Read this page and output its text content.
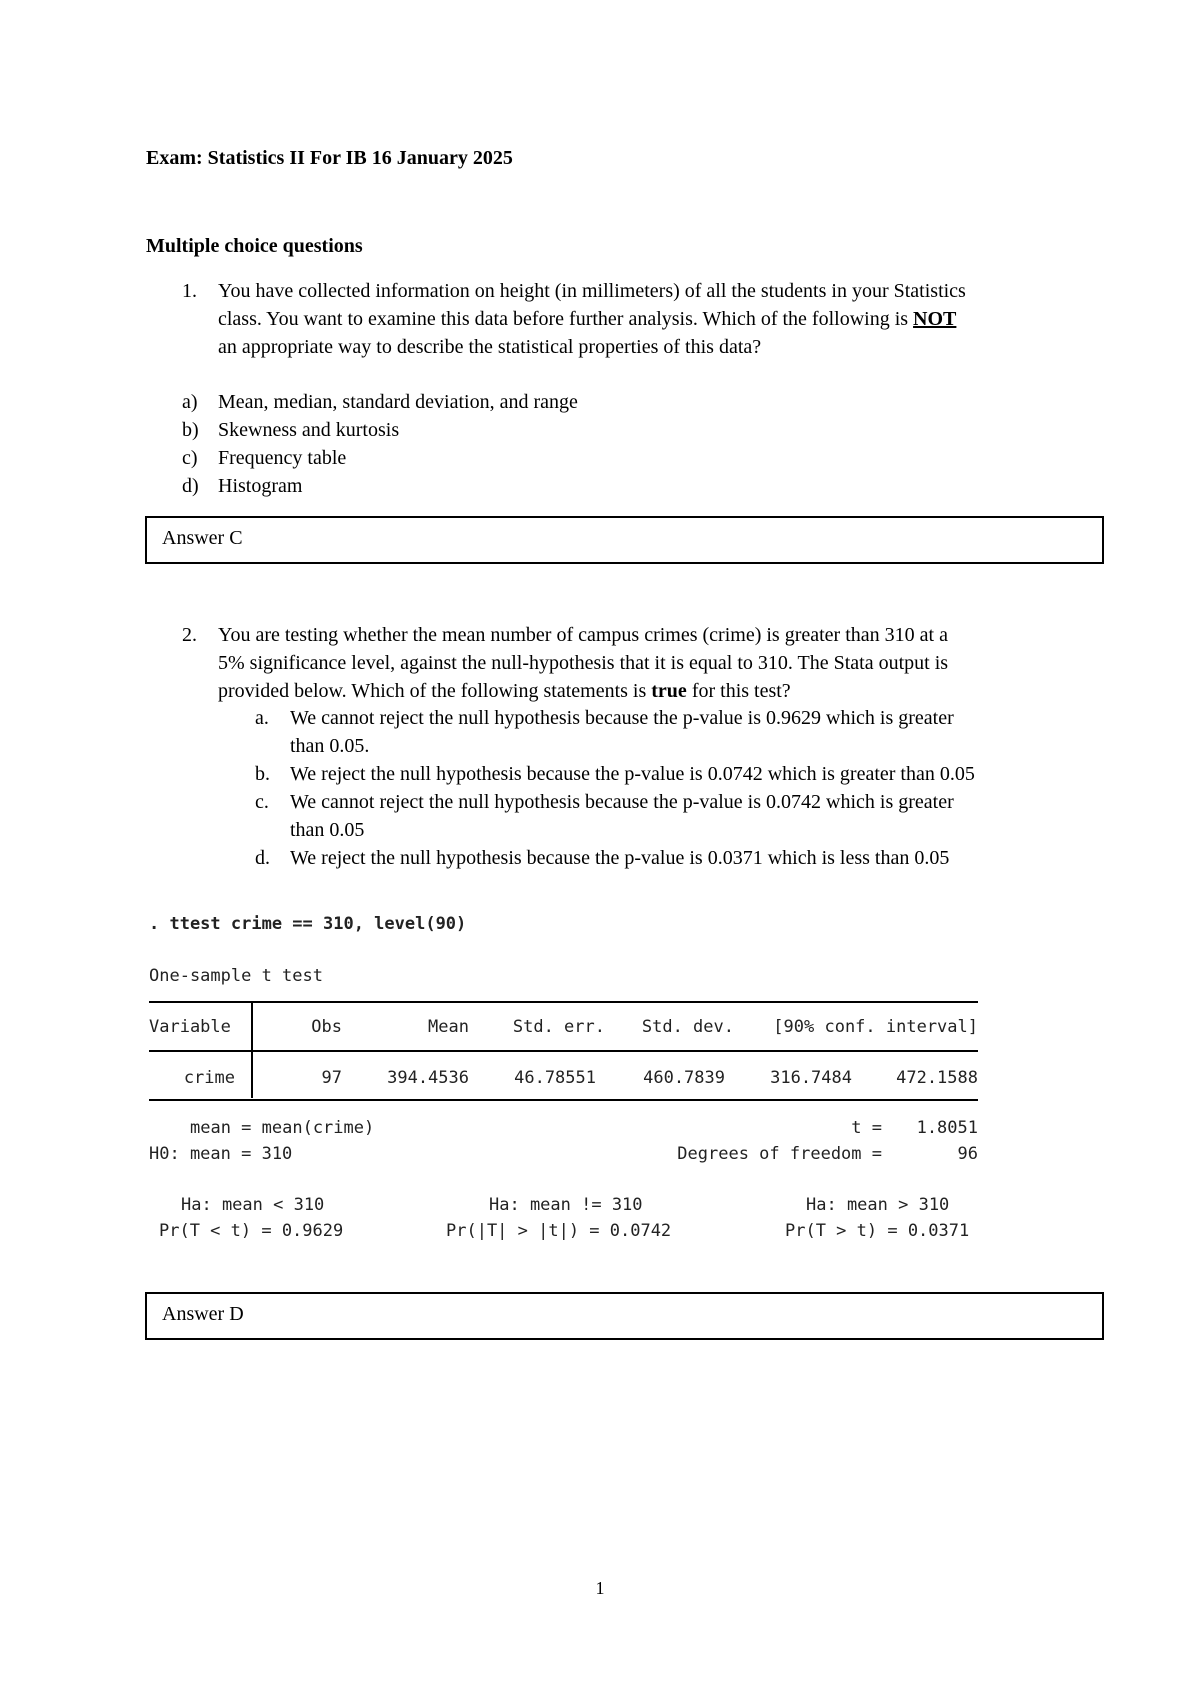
Exam: Statistics II For IB 16 January 2025
Multiple choice questions
1. You have collected information on height (in millimeters) of all the students in your Statistics
class. You want to examine this data before further analysis. Which of the following is NOT
an appropriate way to describe the statistical properties of this data?
a) Mean, median, standard deviation, and range
b) Skewness and kurtosis
c) Frequency table
d) Histogram
Answer C
2. You are testing whether the mean number of campus crimes (crime) is greater than 310 at a
5% significance level, against the null-hypothesis that it is equal to 310. The Stata output is
provided below. Which of the following statements is true for this test?
a. We cannot reject the null hypothesis because the p-value is 0.9629 which is greater
than 0.05.
b. We reject the null hypothesis because the p-value is 0.0742 which is greater than 0.05
c. We cannot reject the null hypothesis because the p-value is 0.0742 which is greater
than 0.05
d. We reject the null hypothesis because the p-value is 0.0371 which is less than 0.05
. ttest crime == 310, level(90)
One-sample t test
Variable	Obs	Mean	Std. err.	Std. dev.	[90% conf. interval]
crime	97	394.4536	46.78551	460.7839	316.7484	472.1588
mean = mean(crime)	t =	1.8051
H0: mean = 310	Degrees of freedom =	96
Ha: mean < 310	Ha: mean != 310	Ha: mean > 310
Pr(T < t) = 0.9629	Pr(|T| > |t|) = 0.0742	Pr(T > t) = 0.0371
Answer D
1
